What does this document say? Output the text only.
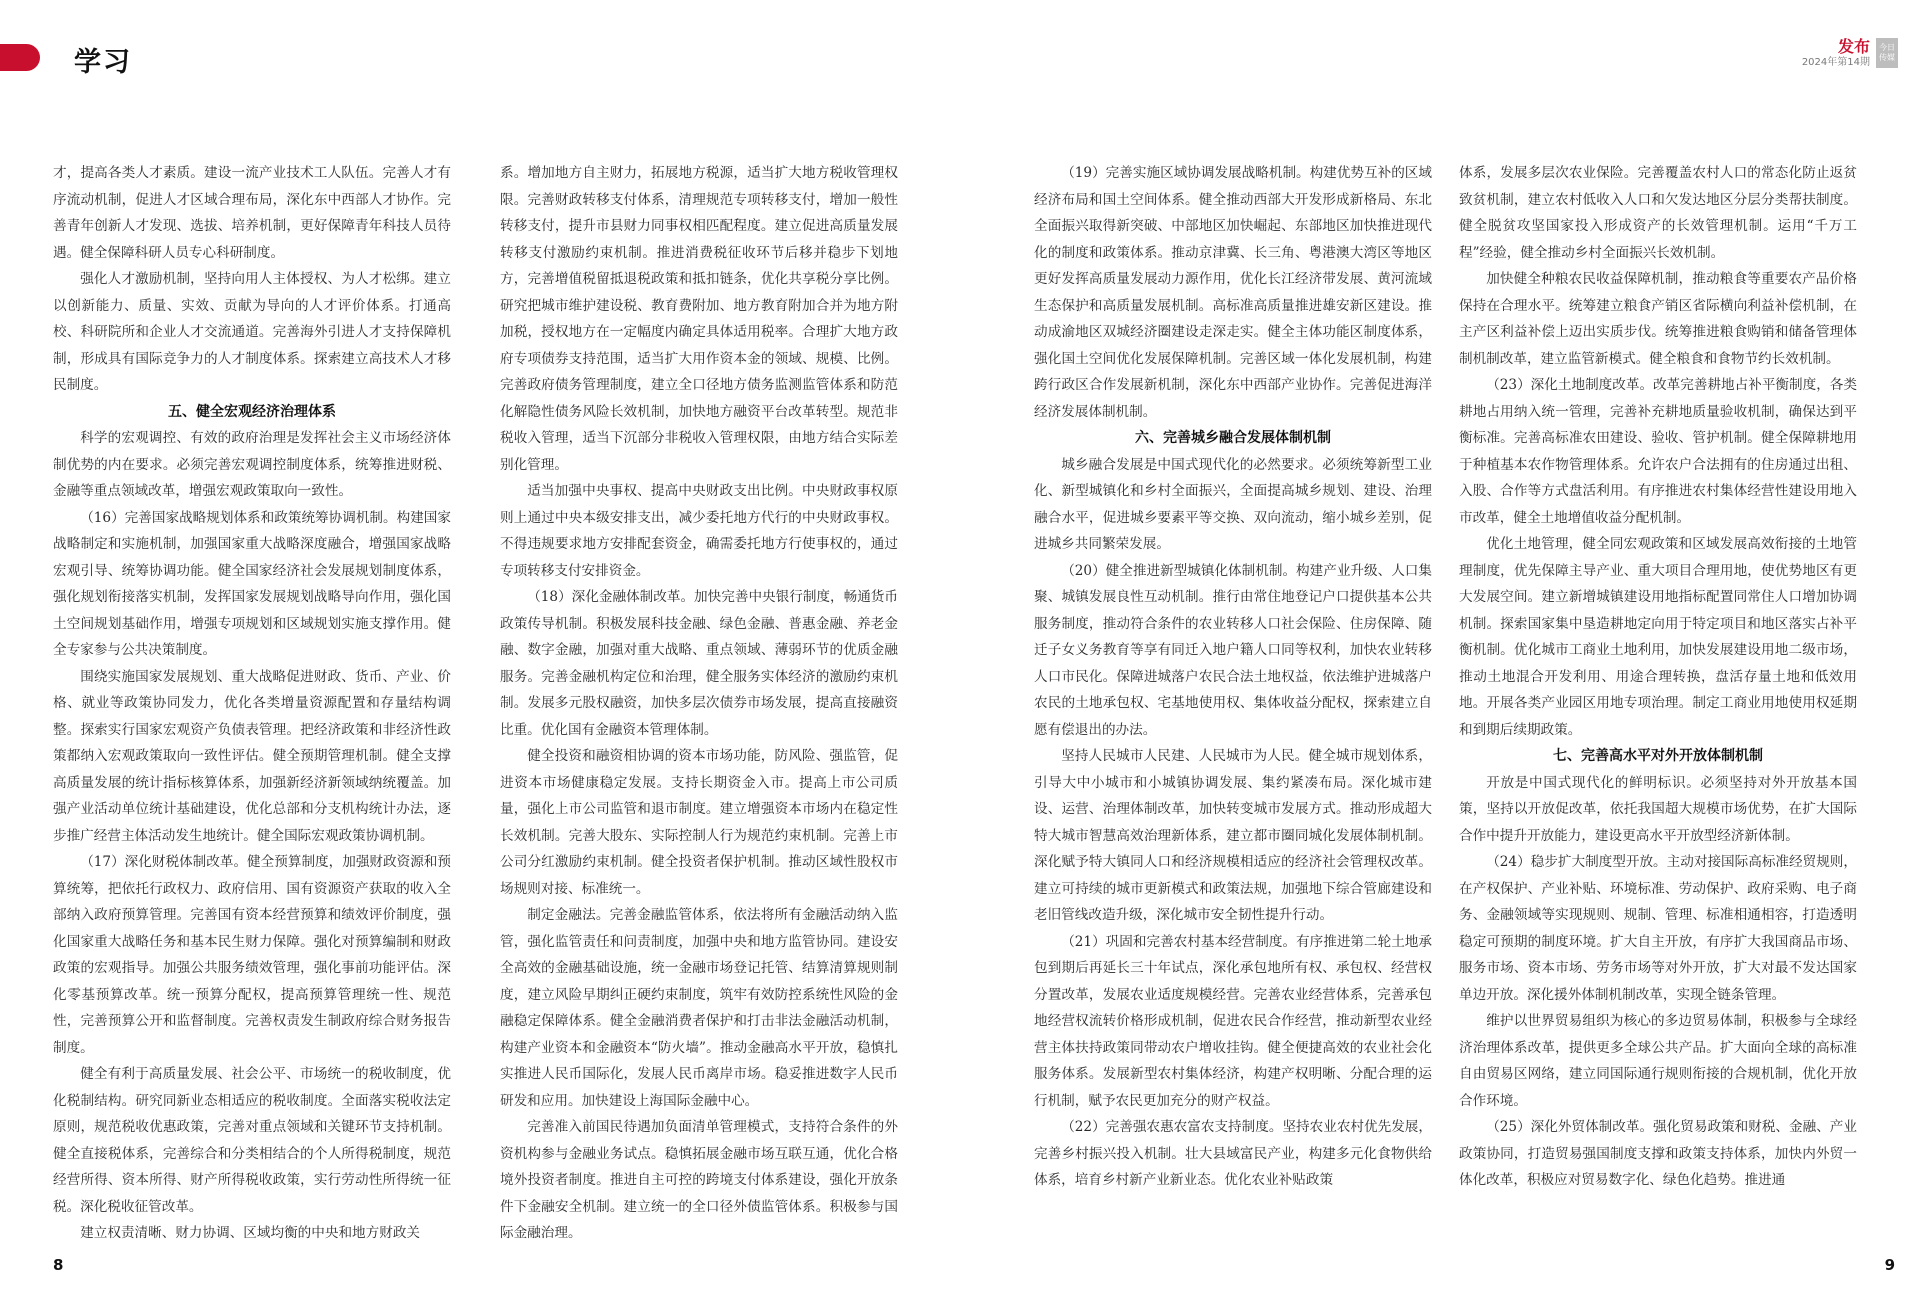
学习

才，提高各类人才素质。建设一流产业技术工人队伍。完善人才有序流动机制，促进人才区域合理布局，深化东中西部人才协作。完善青年创新人才发现、选拔、培养机制，更好保障青年科技人员待遇。健全保障科研人员专心科研制度。

强化人才激励机制，坚持向用人主体授权、为人才松绑。建立以创新能力、质量、实效、贡献为导向的人才评价体系。打通高校、科研院所和企业人才交流通道。完善海外引进人才支持保障机制，形成具有国际竞争力的人才制度体系。探索建立高技术人才移民制度。

五、健全宏观经济治理体系

科学的宏观调控、有效的政府治理是发挥社会主义市场经济体制优势的内在要求。必须完善宏观调控制度体系，统筹推进财税、金融等重点领域改革，增强宏观政策取向一致性。

（16）完善国家战略规划体系和政策统筹协调机制。构建国家战略制定和实施机制，加强国家重大战略深度融合，增强国家战略宏观引导、统筹协调功能。健全国家经济社会发展规划制度体系，强化规划衔接落实机制，发挥国家发展规划战略导向作用，强化国土空间规划基础作用，增强专项规划和区域规划实施支撑作用。健全专家参与公共决策制度。

围绕实施国家发展规划、重大战略促进财政、货币、产业、价格、就业等政策协同发力，优化各类增量资源配置和存量结构调整。探索实行国家宏观资产负债表管理。把经济政策和非经济性政策都纳入宏观政策取向一致性评估。健全预期管理机制。健全支撑高质量发展的统计指标核算体系，加强新经济新领域纳统覆盖。加强产业活动单位统计基础建设，优化总部和分支机构统计办法，逐步推广经营主体活动发生地统计。健全国际宏观政策协调机制。

（17）深化财税体制改革。健全预算制度，加强财政资源和预算统筹，把依托行政权力、政府信用、国有资源资产获取的收入全部纳入政府预算管理。完善国有资本经营预算和绩效评价制度，强化国家重大战略任务和基本民生财力保障。强化对预算编制和财政政策的宏观指导。加强公共服务绩效管理，强化事前功能评估。深化零基预算改革。统一预算分配权，提高预算管理统一性、规范性，完善预算公开和监督制度。完善权责发生制政府综合财务报告制度。

健全有利于高质量发展、社会公平、市场统一的税收制度，优化税制结构。研究同新业态相适应的税收制度。全面落实税收法定原则，规范税收优惠政策，完善对重点领域和关键环节支持机制。健全直接税体系，完善综合和分类相结合的个人所得税制度，规范经营所得、资本所得、财产所得税收政策，实行劳动性所得统一征税。深化税收征管改革。

建立权责清晰、财力协调、区域均衡的中央和地方财政关

系。增加地方自主财力，拓展地方税源，适当扩大地方税收管理权限。完善财政转移支付体系，清理规范专项转移支付，增加一般性转移支付，提升市县财力同事权相匹配程度。建立促进高质量发展转移支付激励约束机制。推进消费税征收环节后移并稳步下划地方，完善增值税留抵退税政策和抵扣链条，优化共享税分享比例。研究把城市维护建设税、教育费附加、地方教育附加合并为地方附加税，授权地方在一定幅度内确定具体适用税率。合理扩大地方政府专项债券支持范围，适当扩大用作资本金的领域、规模、比例。完善政府债务管理制度，建立全口径地方债务监测监管体系和防范化解隐性债务风险长效机制，加快地方融资平台改革转型。规范非税收入管理，适当下沉部分非税收入管理权限，由地方结合实际差别化管理。

适当加强中央事权、提高中央财政支出比例。中央财政事权原则上通过中央本级安排支出，减少委托地方代行的中央财政事权。不得违规要求地方安排配套资金，确需委托地方行使事权的，通过专项转移支付安排资金。

（18）深化金融体制改革。加快完善中央银行制度，畅通货币政策传导机制。积极发展科技金融、绿色金融、普惠金融、养老金融、数字金融，加强对重大战略、重点领域、薄弱环节的优质金融服务。完善金融机构定位和治理，健全服务实体经济的激励约束机制。发展多元股权融资，加快多层次债券市场发展，提高直接融资比重。优化国有金融资本管理体制。

健全投资和融资相协调的资本市场功能，防风险、强监管，促进资本市场健康稳定发展。支持长期资金入市。提高上市公司质量，强化上市公司监管和退市制度。建立增强资本市场内在稳定性长效机制。完善大股东、实际控制人行为规范约束机制。完善上市公司分红激励约束机制。健全投资者保护机制。推动区域性股权市场规则对接、标准统一。

制定金融法。完善金融监管体系，依法将所有金融活动纳入监管，强化监管责任和问责制度，加强中央和地方监管协同。建设安全高效的金融基础设施，统一金融市场登记托管、结算清算规则制度，建立风险早期纠正硬约束制度，筑牢有效防控系统性风险的金融稳定保障体系。健全金融消费者保护和打击非法金融活动机制，构建产业资本和金融资本“防火墙”。推动金融高水平开放，稳慎扎实推进人民币国际化，发展人民币离岸市场。稳妥推进数字人民币研发和应用。加快建设上海国际金融中心。

完善准入前国民待遇加负面清单管理模式，支持符合条件的外资机构参与金融业务试点。稳慎拓展金融市场互联互通，优化合格境外投资者制度。推进自主可控的跨境支付体系建设，强化开放条件下金融安全机制。建立统一的全口径外债监管体系。积极参与国际金融治理。

8
发布
2024年第14期
今日 传媒

（19）完善实施区域协调发展战略机制。构建优势互补的区域经济布局和国土空间体系。健全推动西部大开发形成新格局、东北全面振兴取得新突破、中部地区加快崛起、东部地区加快推进现代化的制度和政策体系。推动京津冀、长三角、粤港澳大湾区等地区更好发挥高质量发展动力源作用，优化长江经济带发展、黄河流域生态保护和高质量发展机制。高标准高质量推进雄安新区建设。推动成渝地区双城经济圈建设走深走实。健全主体功能区制度体系，强化国土空间优化发展保障机制。完善区域一体化发展机制，构建跨行政区合作发展新机制，深化东中西部产业协作。完善促进海洋经济发展体制机制。

六、完善城乡融合发展体制机制

城乡融合发展是中国式现代化的必然要求。必须统筹新型工业化、新型城镇化和乡村全面振兴，全面提高城乡规划、建设、治理融合水平，促进城乡要素平等交换、双向流动，缩小城乡差别，促进城乡共同繁荣发展。

（20）健全推进新型城镇化体制机制。构建产业升级、人口集聚、城镇发展良性互动机制。推行由常住地登记户口提供基本公共服务制度，推动符合条件的农业转移人口社会保险、住房保障、随迁子女义务教育等享有同迁入地户籍人口同等权利，加快农业转移人口市民化。保障进城落户农民合法土地权益，依法维护进城落户农民的土地承包权、宅基地使用权、集体收益分配权，探索建立自愿有偿退出的办法。

坚持人民城市人民建、人民城市为人民。健全城市规划体系，引导大中小城市和小城镇协调发展、集约紧凑布局。深化城市建设、运营、治理体制改革，加快转变城市发展方式。推动形成超大特大城市智慧高效治理新体系，建立都市圈同城化发展体制机制。深化赋予特大镇同人口和经济规模相适应的经济社会管理权改革。建立可持续的城市更新模式和政策法规，加强地下综合管廊建设和老旧管线改造升级，深化城市安全韧性提升行动。

（21）巩固和完善农村基本经营制度。有序推进第二轮土地承包到期后再延长三十年试点，深化承包地所有权、承包权、经营权分置改革，发展农业适度规模经营。完善农业经营体系，完善承包地经营权流转价格形成机制，促进农民合作经营，推动新型农业经营主体扶持政策同带动农户增收挂钩。健全便捷高效的农业社会化服务体系。发展新型农村集体经济，构建产权明晰、分配合理的运行机制，赋予农民更加充分的财产权益。

（22）完善强农惠农富农支持制度。坚持农业农村优先发展，完善乡村振兴投入机制。壮大县域富民产业，构建多元化食物供给体系，培育乡村新产业新业态。优化农业补贴政策

体系，发展多层次农业保险。完善覆盖农村人口的常态化防止返贫致贫机制，建立农村低收入人口和欠发达地区分层分类帮扶制度。健全脱贫攻坚国家投入形成资产的长效管理机制。运用“千万工程”经验，健全推动乡村全面振兴长效机制。

加快健全种粮农民收益保障机制，推动粮食等重要农产品价格保持在合理水平。统筹建立粮食产销区省际横向利益补偿机制，在主产区利益补偿上迈出实质步伐。统筹推进粮食购销和储备管理体制机制改革，建立监管新模式。健全粮食和食物节约长效机制。

（23）深化土地制度改革。改革完善耕地占补平衡制度，各类耕地占用纳入统一管理，完善补充耕地质量验收机制，确保达到平衡标准。完善高标准农田建设、验收、管护机制。健全保障耕地用于种植基本农作物管理体系。允许农户合法拥有的住房通过出租、入股、合作等方式盘活利用。有序推进农村集体经营性建设用地入市改革，健全土地增值收益分配机制。

优化土地管理，健全同宏观政策和区域发展高效衔接的土地管理制度，优先保障主导产业、重大项目合理用地，使优势地区有更大发展空间。建立新增城镇建设用地指标配置同常住人口增加协调机制。探索国家集中垦造耕地定向用于特定项目和地区落实占补平衡机制。优化城市工商业土地利用，加快发展建设用地二级市场，推动土地混合开发利用、用途合理转换，盘活存量土地和低效用地。开展各类产业园区用地专项治理。制定工商业用地使用权延期和到期后续期政策。

七、完善高水平对外开放体制机制

开放是中国式现代化的鲜明标识。必须坚持对外开放基本国策，坚持以开放促改革，依托我国超大规模市场优势，在扩大国际合作中提升开放能力，建设更高水平开放型经济新体制。

（24）稳步扩大制度型开放。主动对接国际高标准经贸规则，在产权保护、产业补贴、环境标准、劳动保护、政府采购、电子商务、金融领域等实现规则、规制、管理、标准相通相容，打造透明稳定可预期的制度环境。扩大自主开放，有序扩大我国商品市场、服务市场、资本市场、劳务市场等对外开放，扩大对最不发达国家单边开放。深化援外体制机制改革，实现全链条管理。

维护以世界贸易组织为核心的多边贸易体制，积极参与全球经济治理体系改革，提供更多全球公共产品。扩大面向全球的高标准自由贸易区网络，建立同国际通行规则衔接的合规机制，优化开放合作环境。

（25）深化外贸体制改革。强化贸易政策和财税、金融、产业政策协同，打造贸易强国制度支撑和政策支持体系，加快内外贸一体化改革，积极应对贸易数字化、绿色化趋势。推进通

9
